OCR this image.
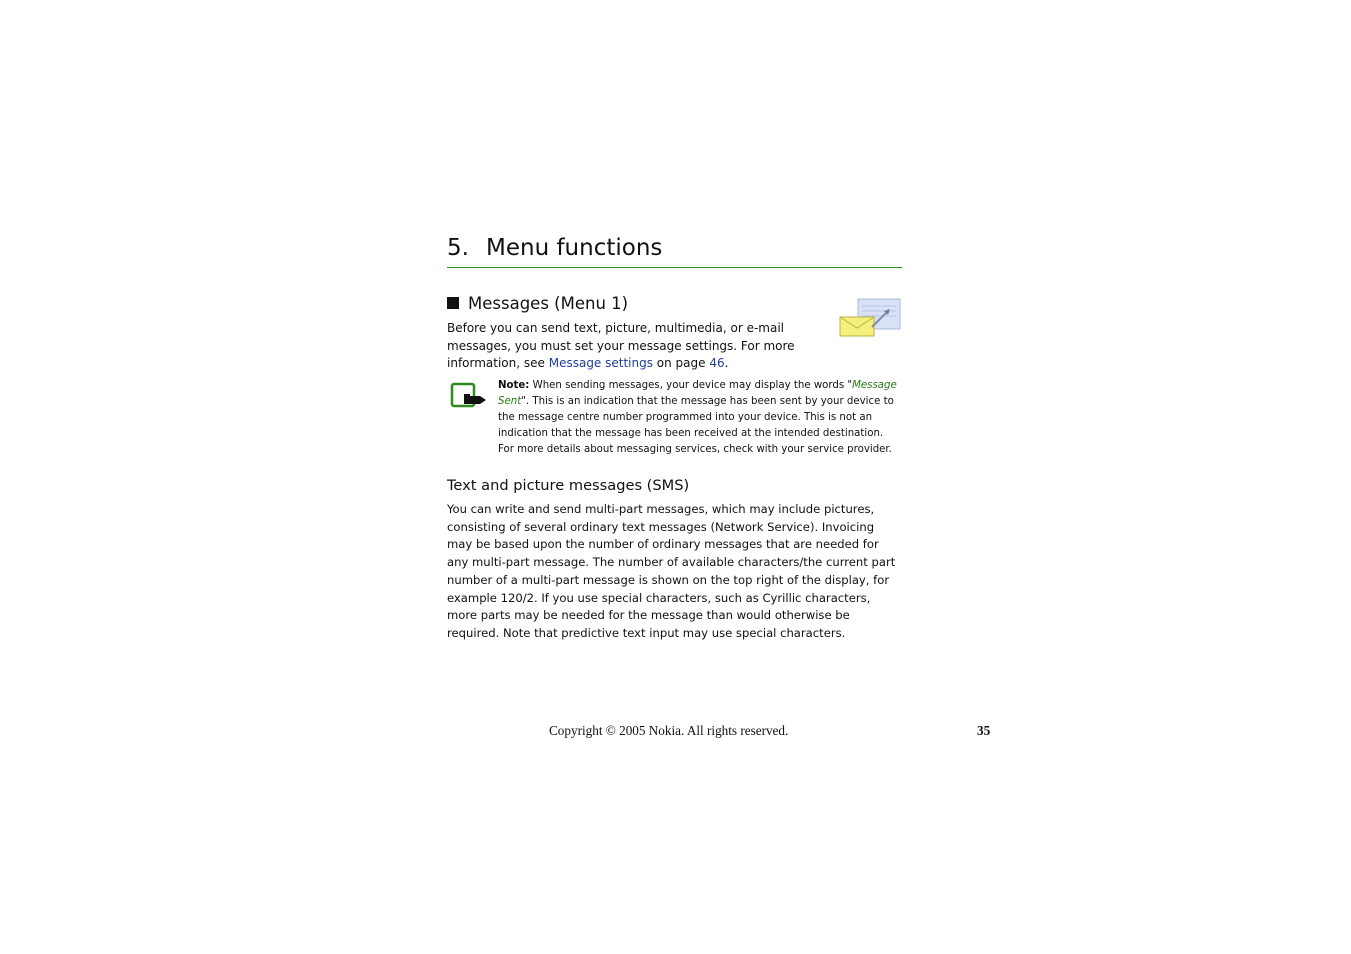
5. Menu functions
Messages (Menu 1)

Before you can send text, picture, multimedia, or e-mail messages, you must set your message settings. For more information, see Message settings on page 46.

Note: When sending messages, your device may display the words "Message Sent". This is an indication that the message has been sent by your device to the message centre number programmed into your device. This is not an indication that the message has been received at the intended destination. For more details about messaging services, check with your service provider.

Text and picture messages (SMS)

You can write and send multi-part messages, which may include pictures, consisting of several ordinary text messages (Network Service). Invoicing may be based upon the number of ordinary messages that are needed for any multi-part message. The number of available characters/the current part number of a multi-part message is shown on the top right of the display, for example 120/2. If you use special characters, such as Cyrillic characters, more parts may be needed for the message than would otherwise be required. Note that predictive text input may use special characters.

Copyright © 2005 Nokia. All rights reserved.	35
